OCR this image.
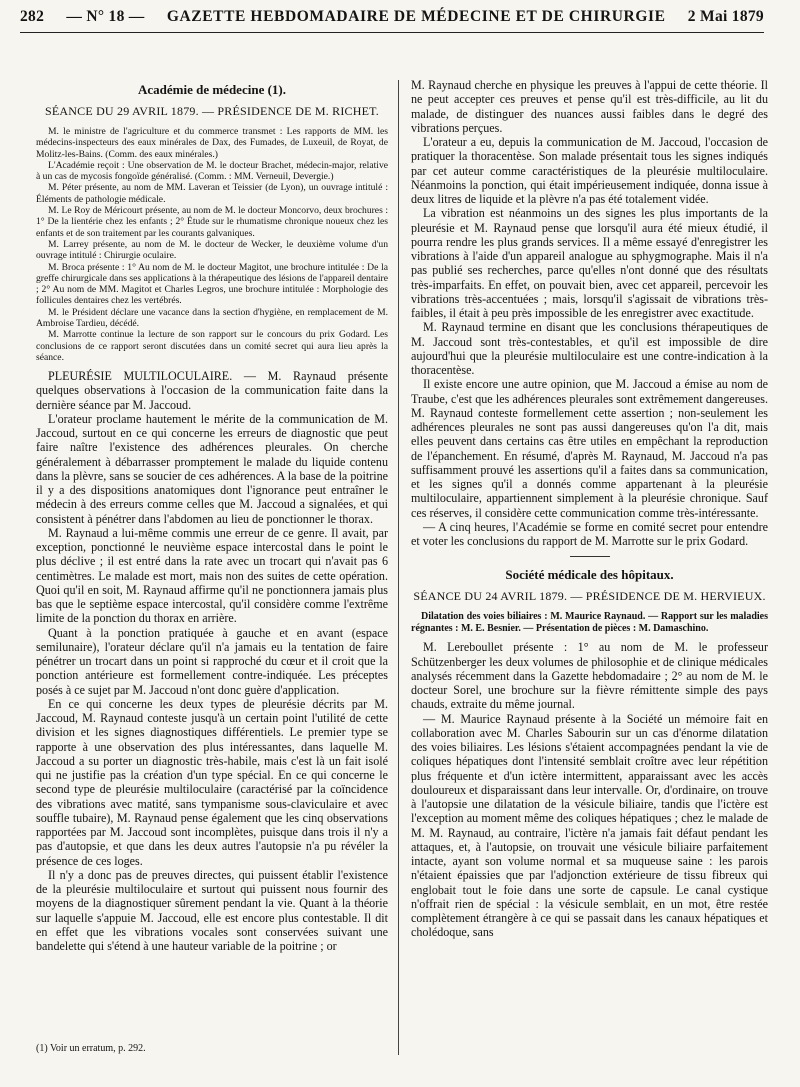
282 — N° 18 — GAZETTE HEBDOMADAIRE DE MÉDECINE ET DE CHIRURGIE 2 Mai 1879
Académie de médecine (1).
SÉANCE DU 29 AVRIL 1879. — PRÉSIDENCE DE M. RICHET.

M. le ministre de l'agriculture et du commerce transmet : Les rapports de MM. les médecins-inspecteurs des eaux minérales de Dax, des Fumades, de Luxeuil, de Royat, de Molitz-les-Bains. (Comm. des eaux minérales.)

L'Académie reçoit : Une observation de M. le docteur Brachet, médecin-major, relative à un cas de mycosis fongoïde généralisé. (Comm. : MM. Verneuil, Devergie.)

M. Péter présente, au nom de MM. Laveran et Teissier (de Lyon), un ouvrage intitulé : Éléments de pathologie médicale.

M. Le Roy de Méricourt présente, au nom de M. le docteur Moncorvo, deux brochures : 1° De la lientérie chez les enfants ; 2° Étude sur le rhumatisme chronique noueux chez les enfants et de son traitement par les courants galvaniques.

M. Larrey présente, au nom de M. le docteur de Wecker, le deuxième volume d'un ouvrage intitulé : Chirurgie oculaire.

M. Broca présente : 1° Au nom de M. le docteur Magitot, une brochure intitulée : De la greffe chirurgicale dans ses applications à la thérapeutique des lésions de l'appareil dentaire ; 2° Au nom de MM. Magitot et Charles Legros, une brochure intitulée : Morphologie des follicules dentaires chez les vertébrés.

M. le Président déclare une vacance dans la section d'hygiène, en remplacement de M. Ambroise Tardieu, décédé.

M. Marrotte continue la lecture de son rapport sur le concours du prix Godard. Les conclusions de ce rapport seront discutées dans un comité secret qui aura lieu après la séance.

PLEURÉSIE MULTILOCULAIRE. — M. Raynaud présente quelques observations à l'occasion de la communication faite dans la dernière séance par M. Jaccoud.

L'orateur proclame hautement le mérite de la communication de M. Jaccoud, surtout en ce qui concerne les erreurs de diagnostic que peut faire naître l'existence des adhérences pleurales. On cherche généralement à débarrasser promptement le malade du liquide contenu dans la plèvre, sans se soucier de ces adhérences. A la base de la poitrine il y a des dispositions anatomiques dont l'ignorance peut entraîner le médecin à des erreurs comme celles que M. Jaccoud a signalées, et qui consistent à pénétrer dans l'abdomen au lieu de ponctionner le thorax.

M. Raynaud a lui-même commis une erreur de ce genre. Il avait, par exception, ponctionné le neuvième espace intercostal dans le point le plus déclive ; il est entré dans la rate avec un trocart qui n'avait pas 6 centimètres. Le malade est mort, mais non des suites de cette opération. Quoi qu'il en soit, M. Raynaud affirme qu'il ne ponctionnera jamais plus bas que le septième espace intercostal, qu'il considère comme l'extrême limite de la ponction du thorax en arrière.

Quant à la ponction pratiquée à gauche et en avant (espace semilunaire), l'orateur déclare qu'il n'a jamais eu la tentation de faire pénétrer un trocart dans un point si rapproché du cœur et il croit que la ponction antérieure est formellement contre-indiquée. Les préceptes posés à ce sujet par M. Jaccoud n'ont donc guère d'application.

En ce qui concerne les deux types de pleurésie décrits par M. Jaccoud, M. Raynaud conteste jusqu'à un certain point l'utilité de cette division et les signes diagnostiques différentiels. Le premier type se rapporte à une observation des plus intéressantes, dans laquelle M. Jaccoud a su porter un diagnostic très-habile, mais c'est là un fait isolé qui ne justifie pas la création d'un type spécial. En ce qui concerne le second type de pleurésie multiloculaire (caractérisé par la coïncidence des vibrations avec matité, sans tympanisme sous-claviculaire et avec souffle tubaire), M. Raynaud pense également que les cinq observations rapportées par M. Jaccoud sont incomplètes, puisque dans trois il n'y a pas d'autopsie, et que dans les deux autres l'autopsie n'a pu révéler la présence de ces loges.

Il n'y a donc pas de preuves directes, qui puissent établir l'existence de la pleurésie multiloculaire et surtout qui puissent nous fournir des moyens de la diagnostiquer sûrement pendant la vie. Quant à la théorie sur laquelle s'appuie M. Jaccoud, elle est encore plus contestable. Il dit en effet que les vibrations vocales sont conservées suivant une bandelette qui s'étend à une hauteur variable de la poitrine ; or

M. Raynaud cherche en physique les preuves à l'appui de cette théorie. Il ne peut accepter ces preuves et pense qu'il est très-difficile, au lit du malade, de distinguer des nuances aussi faibles dans le degré des vibrations perçues.

L'orateur a eu, depuis la communication de M. Jaccoud, l'occasion de pratiquer la thoracentèse. Son malade présentait tous les signes indiqués par cet auteur comme caractéristiques de la pleurésie multiloculaire. Néanmoins la ponction, qui était impérieusement indiquée, donna issue à deux litres de liquide et la plèvre n'a pas été totalement vidée.

La vibration est néanmoins un des signes les plus importants de la pleurésie et M. Raynaud pense que lorsqu'il aura été mieux étudié, il pourra rendre les plus grands services. Il a même essayé d'enregistrer les vibrations à l'aide d'un appareil analogue au sphygmographe. Mais il n'a pas publié ses recherches, parce qu'elles n'ont donné que des résultats très-imparfaits. En effet, on pouvait bien, avec cet appareil, percevoir les vibrations très-accentuées ; mais, lorsqu'il s'agissait de vibrations très-faibles, il était à peu près impossible de les enregistrer avec exactitude.

M. Raynaud termine en disant que les conclusions thérapeutiques de M. Jaccoud sont très-contestables, et qu'il est impossible de dire aujourd'hui que la pleurésie multiloculaire est une contre-indication à la thoracentèse.

Il existe encore une autre opinion, que M. Jaccoud a émise au nom de Traube, c'est que les adhérences pleurales sont extrêmement dangereuses. M. Raynaud conteste formellement cette assertion ; non-seulement les adhérences pleurales ne sont pas aussi dangereuses qu'on l'a dit, mais elles peuvent dans certains cas être utiles en empêchant la reproduction de l'épanchement. En résumé, d'après M. Raynaud, M. Jaccoud n'a pas suffisamment prouvé les assertions qu'il a faites dans sa communication, et les signes qu'il a donnés comme appartenant à la pleurésie multiloculaire, appartiennent simplement à la pleurésie chronique. Sauf ces réserves, il considère cette communication comme très-intéressante.

— A cinq heures, l'Académie se forme en comité secret pour entendre et voter les conclusions du rapport de M. Marrotte sur le prix Godard.

Société médicale des hôpitaux.
SÉANCE DU 24 AVRIL 1879. — PRÉSIDENCE DE M. HERVIEUX.

Dilatation des voies biliaires : M. Maurice Raynaud. — Rapport sur les maladies régnantes : M. E. Besnier. — Présentation de pièces : M. Damaschino.

M. Lereboullet présente : 1° au nom de M. le professeur Schützenberger les deux volumes de philosophie et de clinique médicales analysés récemment dans la Gazette hebdomadaire ; 2° au nom de M. le docteur Sorel, une brochure sur la fièvre rémittente simple des pays chauds, extraite du même journal.

— M. Maurice Raynaud présente à la Société un mémoire fait en collaboration avec M. Charles Sabourin sur un cas d'énorme dilatation des voies biliaires. Les lésions s'étaient accompagnées pendant la vie de coliques hépatiques dont l'intensité semblait croître avec leur répétition plus fréquente et d'un ictère intermittent, apparaissant avec les accès douloureux et disparaissant dans leur intervalle. Or, d'ordinaire, on trouve à l'autopsie une dilatation de la vésicule biliaire, tandis que l'ictère est l'exception au moment même des coliques hépatiques ; chez le malade de M. M. Raynaud, au contraire, l'ictère n'a jamais fait défaut pendant les attaques, et, à l'autopsie, on trouvait une vésicule biliaire parfaitement intacte, ayant son volume normal et sa muqueuse saine : les parois n'étaient épaissies que par l'adjonction extérieure de tissu fibreux qui englobait tout le foie dans une sorte de capsule. Le canal cystique n'offrait rien de spécial : la vésicule semblait, en un mot, être restée complètement étrangère à ce qui se passait dans les canaux hépatiques et cholédoque, sans

(1) Voir un erratum, p. 292.
